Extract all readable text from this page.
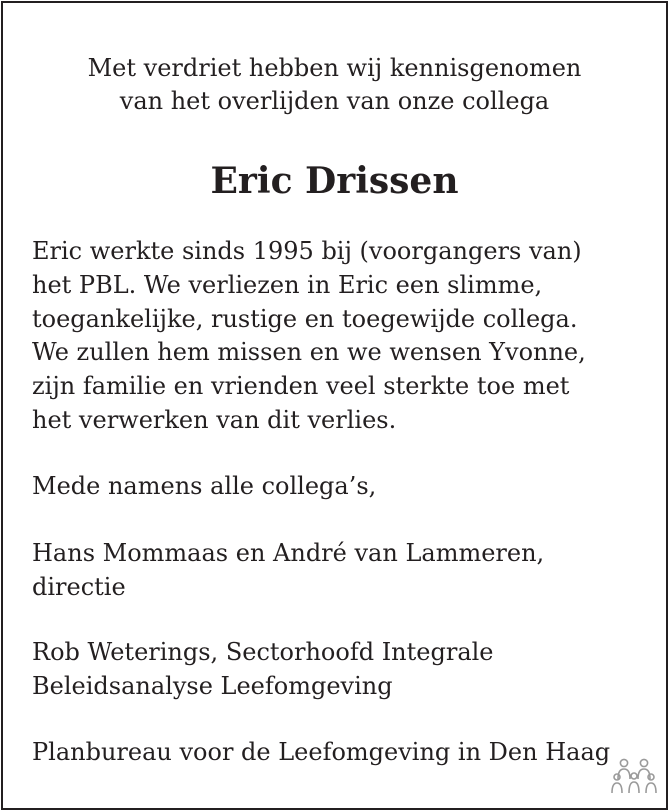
Met verdriet hebben wij kennisgenomen
van het overlijden van onze collega
Eric Drissen
Eric werkte sinds 1995 bij (voorgangers van)
het PBL. We verliezen in Eric een slimme,
toegankelijke, rustige en toegewijde collega.
We zullen hem missen en we wensen Yvonne,
zijn familie en vrienden veel sterkte toe met
het verwerken van dit verlies.
Mede namens alle collega’s,
Hans Mommaas en André van Lammeren,
directie
Rob Weterings, Sectorhoofd Integrale
Beleidsanalyse Leefomgeving
Planbureau voor de Leefomgeving in Den Haag
